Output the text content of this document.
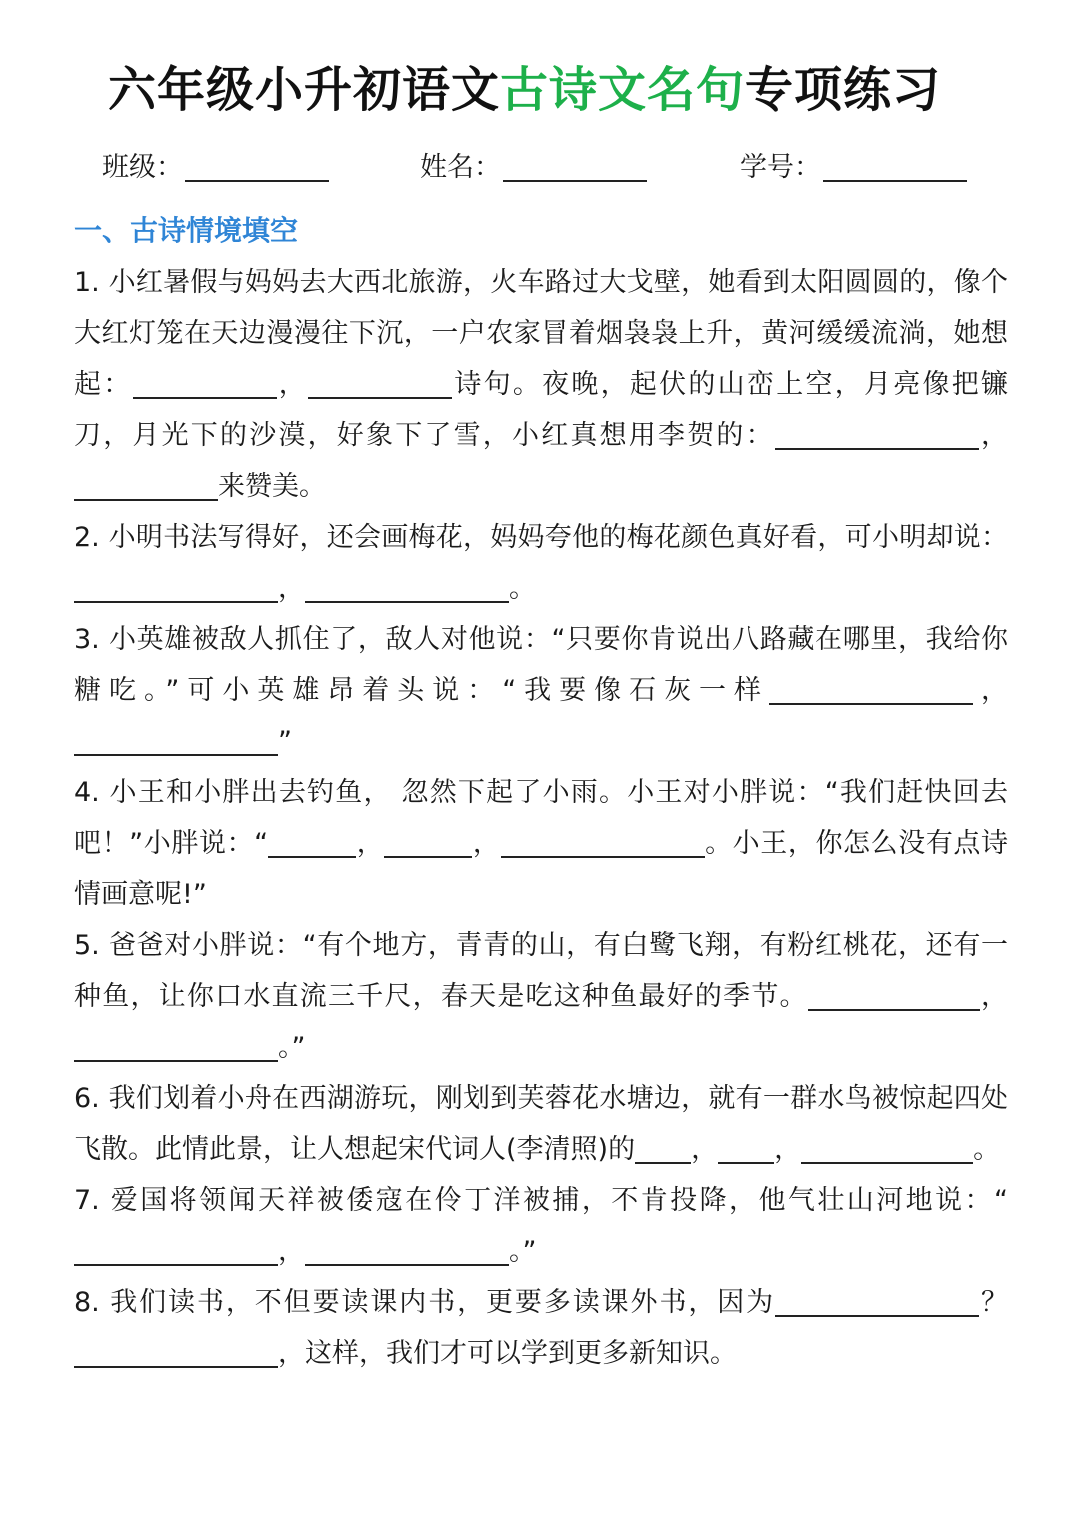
六年级小升初语文古诗文名句专项练习
班级：	姓名：	学号：
一、古诗情境填空

1. 小红暑假与妈妈去大西北旅游，火车路过大戈壁，她看到太阳圆圆的，像个大红灯笼在天边漫漫往下沉，一户农家冒着烟袅袅上升，黄河缓缓流淌，她想起：	，	诗句。夜晚，起伏的山峦上空，月亮像把镰刀，月光下的沙漠，好象下了雪，小红真想用李贺的：	，来赞美。

2. 小明书法写得好，还会画梅花，妈妈夸他的梅花颜色真好看，可小明却说：，	。

3. 小英雄被敌人抓住了，敌人对他说：“只要你肯说出八路藏在哪里，我给你糖吃。”可小英雄昂着头说：“我要像石灰一样	，”

4. 小王和小胖出去钓鱼， 忽然下起了小雨。小王对小胖说：“我们赶快回去吧！”小胖说：“	，	，	。小王，你怎么没有点诗情画意呢!”

5. 爸爸对小胖说：“有个地方，青青的山，有白鹭飞翔，有粉红桃花，还有一种鱼，让你口水直流三千尺，春天是吃这种鱼最好的季节。	，。”

6. 我们划着小舟在西湖游玩，刚划到芙蓉花水塘边，就有一群水鸟被惊起四处飞散。此情此景，让人想起宋代词人(李清照)的 ， ，	。

7. 爱国将领闻天祥被倭寇在伶丁洋被捕，不肯投降，他气壮山河地说：“，	。”

8. 我们读书，不但要读课内书，更要多读课外书，因为	？，这样，我们才可以学到更多新知识。
